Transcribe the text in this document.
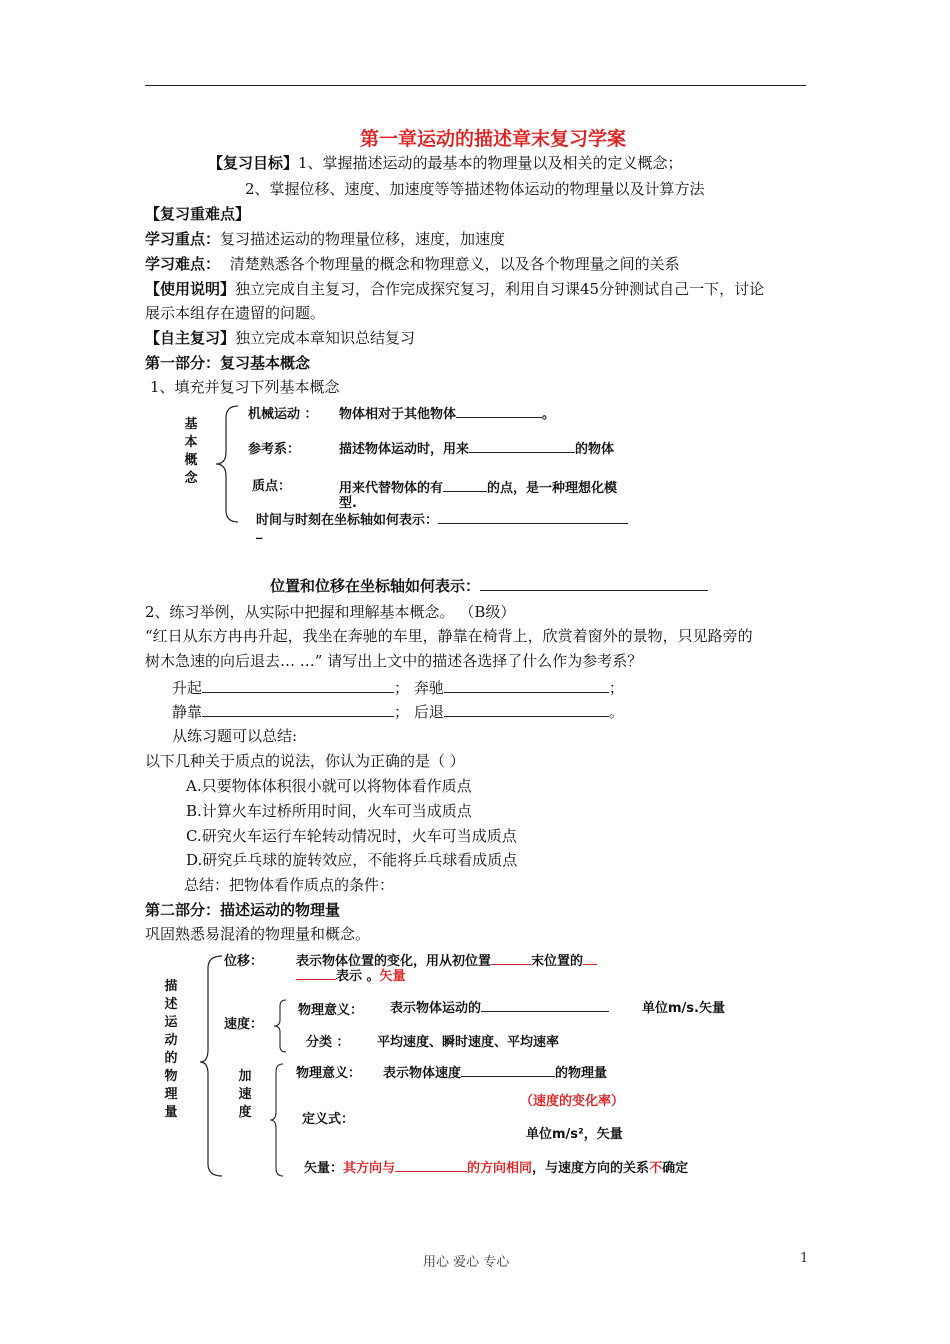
第一章运动的描述章末复习学案
【复习目标】1、掌握描述运动的最基本的物理量以及相关的定义概念；
2、掌握位移、速度、加速度等等描述物体运动的物理量以及计算方法
【复习重难点】
学习重点：复习描述运动的物理量位移，速度，加速度
学习难点： 清楚熟悉各个物理量的概念和物理意义，以及各个物理量之间的关系
【使用说明】独立完成自主复习，合作完成探究复习，利用自习课45分钟测试自己一下，讨论
展示本组存在遗留的问题。
【自主复习】独立完成本章知识总结复习
第一部分：复习基本概念
1、填充并复习下列基本概念
基本概念
机械运动 ： 物体相对于其他物体	。
参考系：	描述物体运动时，用来	的物体
质点：	用来代替物体的有	的点，是一种理想化模
型.
时间与时刻在坐标轴如何表示：
_
位置和位移在坐标轴如何表示：
2、练习举例，从实际中把握和理解基本概念。 （B级）
“红日从东方冉冉升起，我坐在奔驰的车里，静靠在椅背上，欣赏着窗外的景物，只见路旁的
树木急速的向后退去… …” 请写出上文中的描述各选择了什么作为参考系？
升起	； 奔驰	；
静靠	； 后退	。
从练习题可以总结:
以下几种关于质点的说法，你认为正确的是（ ）
A.只要物体体积很小就可以将物体看作质点
B.计算火车过桥所用时间，火车可当成质点
C.研究火车运行车轮转动情况时，火车可当成质点
D.研究乒乓球的旋转效应，不能将乒乓球看成质点
总结：把物体看作质点的条件：
第二部分：描述运动的物理量
巩固熟悉易混淆的物理量和概念。
描述运动的物理量
位移：	表示物体位置的变化，用从初位置	末位置的
表示 。矢量
速度：
物理意义： 表示物体运动的	单位m/s.矢量
分类 ： 平均速度、瞬时速度、平均速率
加速度
物理意义： 表示物体速度	的物理量
（速度的变化率）
定义式：
单位m/s²，矢量
矢量：其方向与	的方向相同，与速度方向的关系不确定
用心 爱心 专心	1
